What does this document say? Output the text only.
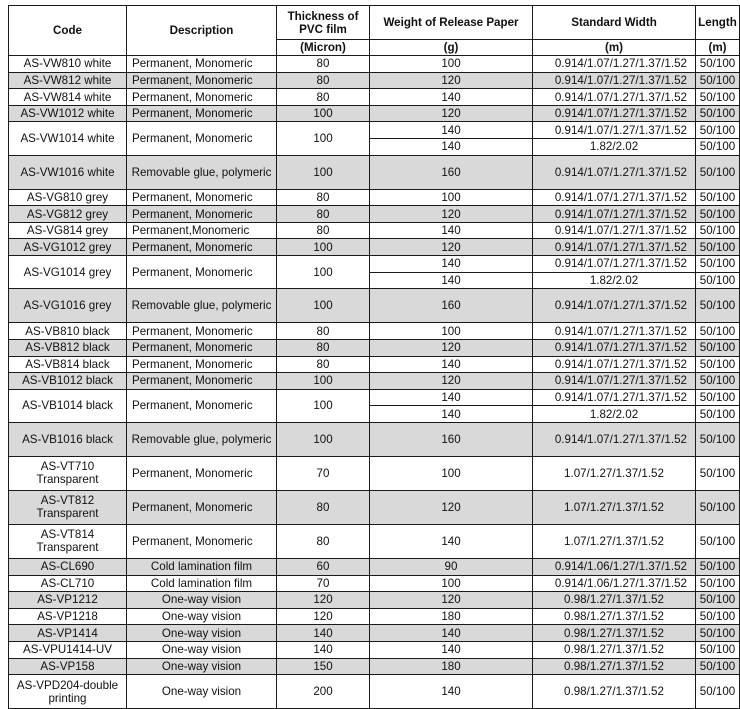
Code	Description	Thickness of PVC film	Weight of Release Paper	Standard Width	Length
		(Micron)	(g)	(m)	(m)
AS-VW810 white	Permanent, Monomeric	80	100	0.914/1.07/1.27/1.37/1.52	50/100
AS-VW812 white	Permanent, Monomeric	80	120	0.914/1.07/1.27/1.37/1.52	50/100
AS-VW814 white	Permanent, Monomeric	80	140	0.914/1.07/1.27/1.37/1.52	50/100
AS-VW1012 white	Permanent, Monomeric	100	120	0.914/1.07/1.27/1.37/1.52	50/100
AS-VW1014 white	Permanent, Monomeric	100	140	0.914/1.07/1.27/1.37/1.52	50/100
			140	1.82/2.02	50/100
AS-VW1016 white	Removable glue, polymeric	100	160	0.914/1.07/1.27/1.37/1.52	50/100
AS-VG810 grey	Permanent, Monomeric	80	100	0.914/1.07/1.27/1.37/1.52	50/100
AS-VG812 grey	Permanent, Monomeric	80	120	0.914/1.07/1.27/1.37/1.52	50/100
AS-VG814 grey	Permanent,Monomeric	80	140	0.914/1.07/1.27/1.37/1.52	50/100
AS-VG1012 grey	Permanent, Monomeric	100	120	0.914/1.07/1.27/1.37/1.52	50/100
AS-VG1014 grey	Permanent, Monomeric	100	140	0.914/1.07/1.27/1.37/1.52	50/100
			140	1.82/2.02	50/100
AS-VG1016 grey	Removable glue, polymeric	100	160	0.914/1.07/1.27/1.37/1.52	50/100
AS-VB810 black	Permanent, Monomeric	80	100	0.914/1.07/1.27/1.37/1.52	50/100
AS-VB812 black	Permanent, Monomeric	80	120	0.914/1.07/1.27/1.37/1.52	50/100
AS-VB814 black	Permanent, Monomeric	80	140	0.914/1.07/1.27/1.37/1.52	50/100
AS-VB1012 black	Permanent, Monomeric	100	120	0.914/1.07/1.27/1.37/1.52	50/100
AS-VB1014 black	Permanent, Monomeric	100	140	0.914/1.07/1.27/1.37/1.52	50/100
			140	1.82/2.02	50/100
AS-VB1016 black	Removable glue, polymeric	100	160	0.914/1.07/1.27/1.37/1.52	50/100
AS-VT710 Transparent	Permanent, Monomeric	70	100	1.07/1.27/1.37/1.52	50/100
AS-VT812 Transparent	Permanent, Monomeric	80	120	1.07/1.27/1.37/1.52	50/100
AS-VT814 Transparent	Permanent, Monomeric	80	140	1.07/1.27/1.37/1.52	50/100
AS-CL690	Cold lamination film	60	90	0.914/1.06/1.27/1.37/1.52	50/100
AS-CL710	Cold lamination film	70	100	0.914/1.06/1.27/1.37/1.52	50/100
AS-VP1212	One-way vision	120	120	0.98/1.27/1.37/1.52	50/100
AS-VP1218	One-way vision	120	180	0.98/1.27/1.37/1.52	50/100
AS-VP1414	One-way vision	140	140	0.98/1.27/1.37/1.52	50/100
AS-VPU1414-UV	One-way vision	140	140	0.98/1.27/1.37/1.52	50/100
AS-VP158	One-way vision	150	180	0.98/1.27/1.37/1.52	50/100
AS-VPD204-double printing	One-way vision	200	140	0.98/1.27/1.37/1.52	50/100
